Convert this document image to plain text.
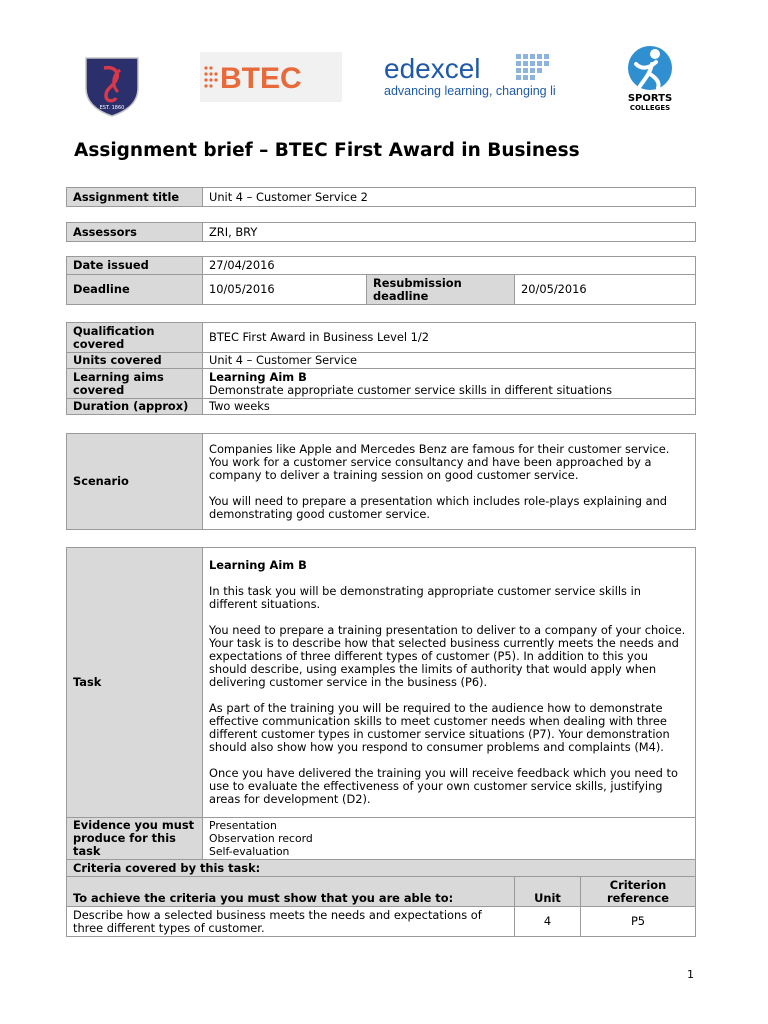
EST. 1860
BTEC	edexcel
advancing learning, changing lives
SPORTS
COLLEGES
Assignment brief – BTEC First Award in Business
Assignment title	Unit 4 – Customer Service 2
Assessors	ZRI, BRY
Date issued	27/04/2016		
Deadline	10/05/2016	Resubmission deadline	20/05/2016
Qualification covered	BTEC First Award in Business Level 1/2
Units covered	Unit 4 – Customer Service
Learning aims covered	Learning Aim B
Demonstrate appropriate customer service skills in different situations

Duration (approx)	Two weeks
Scenario	

Companies like Apple and Mercedes Benz are famous for their customer service. You work for a customer service consultancy and have been approached by a company to deliver a training session on good customer service.

You will need to prepare a presentation which includes role-plays explaining and demonstrating good customer service.

Task	Learning Aim B

In this task you will be demonstrating appropriate customer service skills in different situations.

You need to prepare a training presentation to deliver to a company of your choice. Your task is to describe how that selected business currently meets the needs and expectations of three different types of customer (P5). In addition to this you should describe, using examples the limits of authority that would apply when delivering customer service in the business (P6).

As part of the training you will be required to the audience how to demonstrate effective communication skills to meet customer needs when dealing with three different customer types in customer service situations (P7). Your demonstration should also show how you respond to consumer problems and complaints (M4).

Once you have delivered the training you will receive feedback which you need to use to evaluate the effectiveness of your own customer service skills, justifying areas for development (D2).		

Evidence you must produce for this task	Presentation
Observation record
Self-evaluation		

Criteria covered by this task:			
To achieve the criteria you must show that you are able to:		Unit	Criterion reference
Describe how a selected business meets the needs and expectations of three different types of customer.		4	P5
1
